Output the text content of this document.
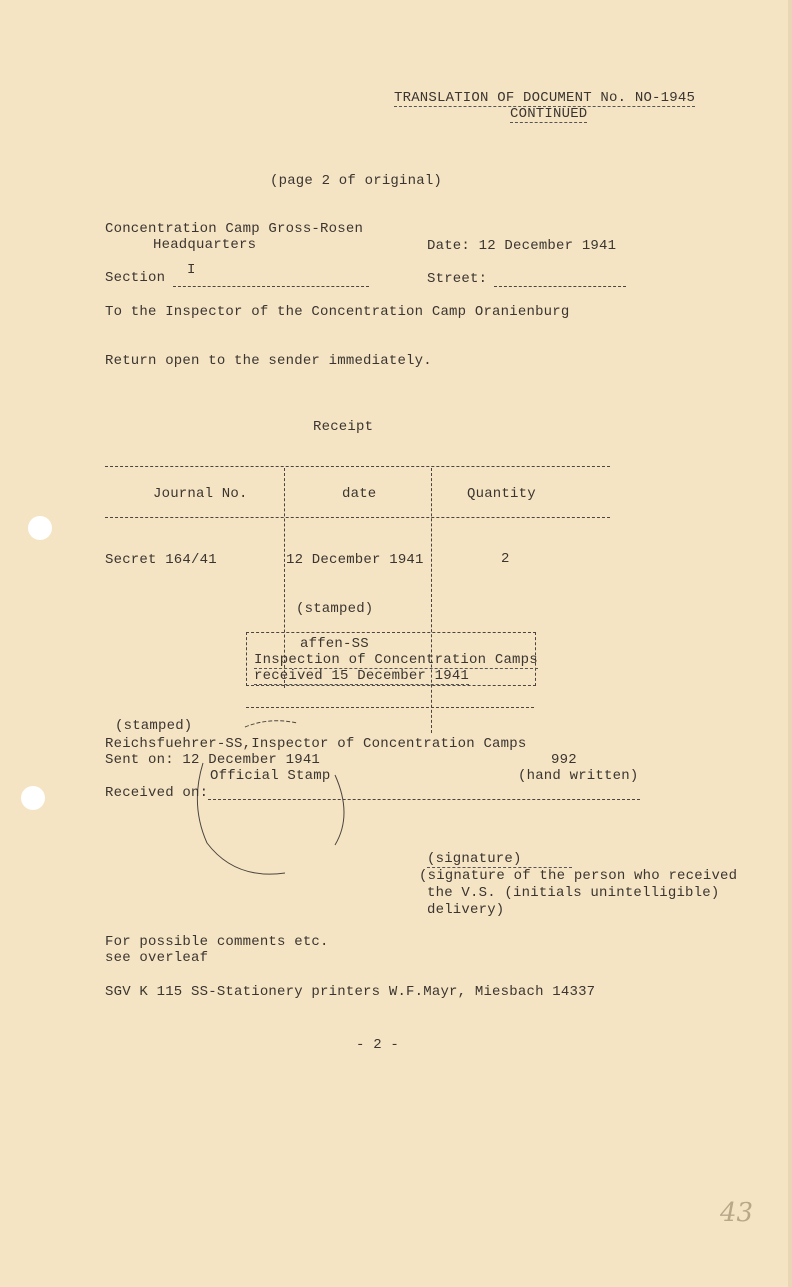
TRANSLATION OF DOCUMENT No. NO-1945
CONTINUED
(page 2 of original)
Concentration Camp Gross-Rosen
Headquarters	Date: 12 December 1941
Section I
Street:
To the Inspector of the Concentration Camp Oranienburg
Return open to the sender immediately.
Receipt
Journal No.	date	Quantity
Secret 164/41	12 December 1941	2
(stamped)
affen-SS
Inspection of Concentration Camps
received 15 December 1941
(stamped)
Reichsfuehrer-SS,Inspector of Concentration Camps
Sent on: 12 December 1941
Official Stamp
Received on:
992
(hand written)
(signature)
(signature of the person who received
the V.S. (initials unintelligible)
delivery)
For possible comments etc.
see overleaf
SGV K 115 SS-Stationery printers W.F.Mayr, Miesbach 14337
- 2 -
43
